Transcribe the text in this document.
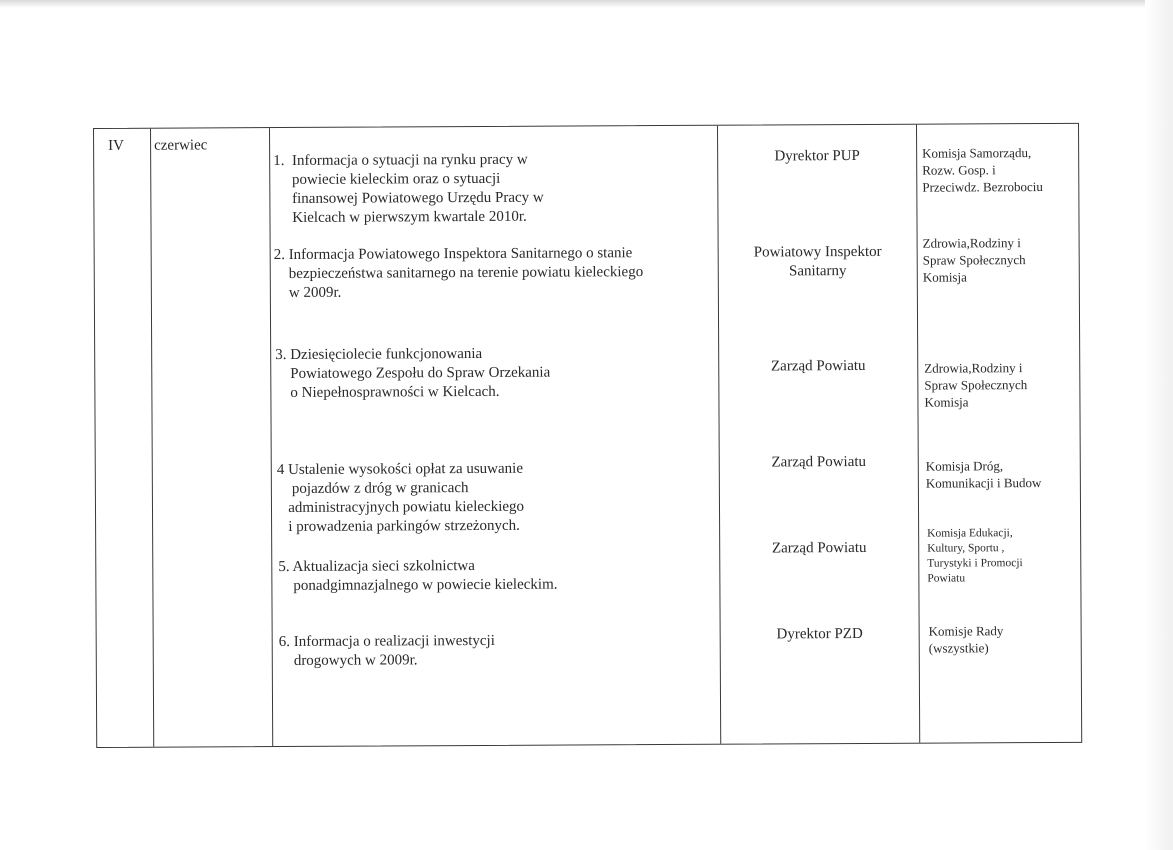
IV czerwiec
1.  Informacja o sytuacji na rynku pracy w
powiecie kieleckim oraz o sytuacji
finansowej Powiatowego Urzędu Pracy w
Kielcach w pierwszym kwartale 2010r.
2. Informacja Powiatowego Inspektora Sanitarnego o stanie
bezpieczeństwa sanitarnego na terenie powiatu kieleckiego
w 2009r.
3. Dziesięciolecie funkcjonowania
Powiatowego Zespołu do Spraw Orzekania
o Niepełnosprawności w Kielcach.
4 Ustalenie wysokości opłat za usuwanie
pojazdów z dróg w granicach
administracyjnych powiatu kieleckiego
i prowadzenia parkingów strzeżonych.
5. Aktualizacja sieci szkolnictwa
ponadgimnazjalnego w powiecie kieleckim.
6. Informacja o realizacji inwestycji
drogowych w 2009r.
Dyrektor PUP
Powiatowy Inspektor
Sanitarny
Zarząd Powiatu
Zarząd Powiatu
Zarząd Powiatu
Dyrektor PZD
Komisja Samorządu,
Rozw. Gosp. i
Przeciwdz. Bezrobociu
Zdrowia,Rodziny i
Spraw Społecznych
Komisja
Zdrowia,Rodziny i
Spraw Społecznych
Komisja
Komisja Dróg,
Komunikacji i Budow
Komisja Edukacji,
Kultury, Sportu ,
Turystyki i Promocji
Powiatu
Komisje Rady
(wszystkie)
